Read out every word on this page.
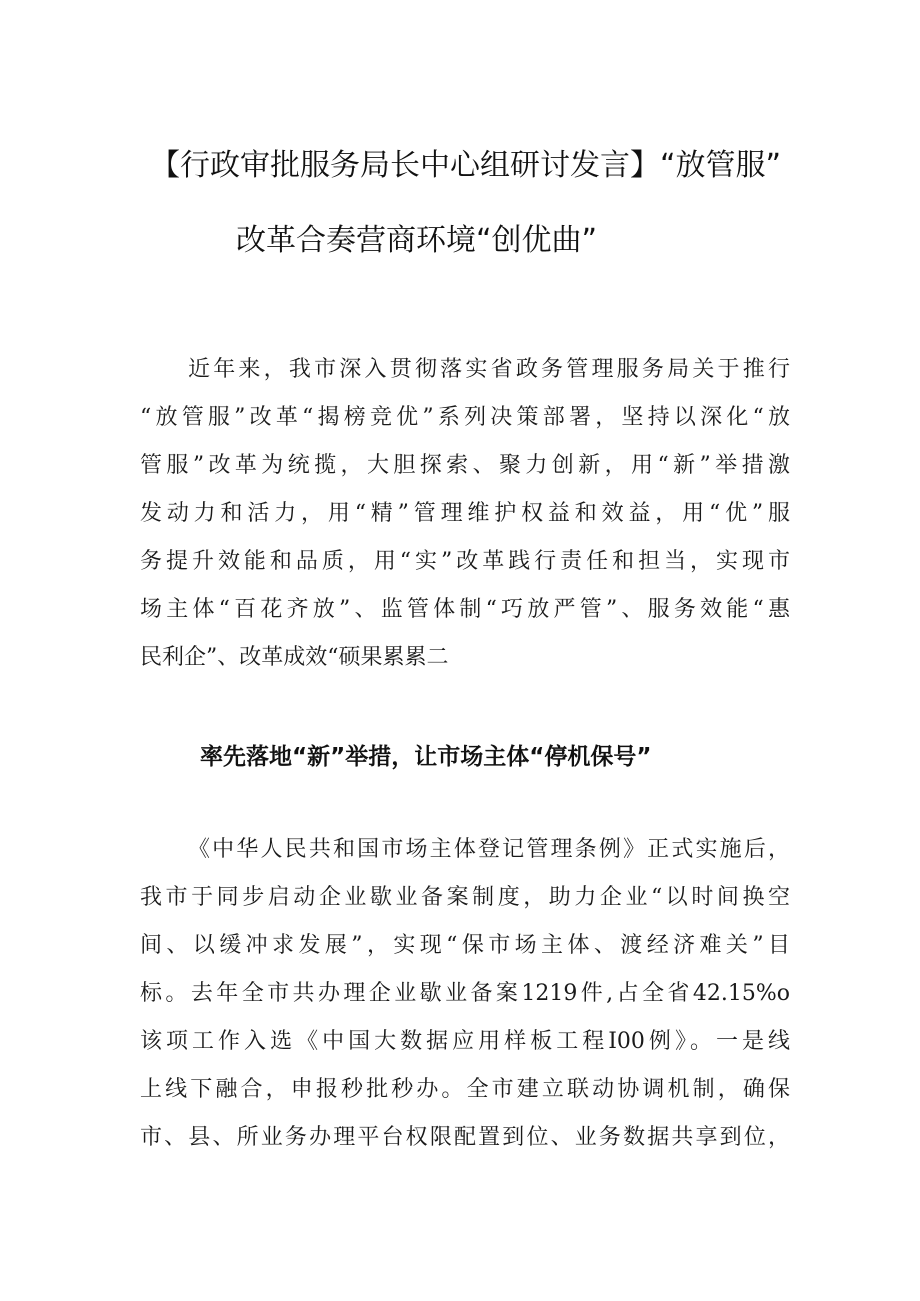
【行政审批服务局长中心组研讨发言】“放管服”
改革合奏营商环境“创优曲”
近年来，我市深入贯彻落实省政务管理服务局关于推行
“放管服”改革“揭榜竞优”系列决策部署，坚持以深化“放
管服”改革为统揽，大胆探索、聚力创新，用“新”举措激
发动力和活力，用“精”管理维护权益和效益，用“优”服
务提升效能和品质，用“实”改革践行责任和担当，实现市
场主体“百花齐放”、监管体制“巧放严管”、服务效能“惠
民利企”、改革成效“硕果累累二
率先落地“新”举措，让市场主体“停机保号”
《中华人民共和国市场主体登记管理条例》正式实施后，
我市于同步启动企业歇业备案制度，助力企业“以时间换空
间、以缓冲求发展”，实现“保市场主体、渡经济难关”目
标。去年全市共办理企业歇业备案1219件,占全省42.15%o
该项工作入选《中国大数据应用样板工程I00例》。一是线
上线下融合，申报秒批秒办。全市建立联动协调机制，确保
市、县、所业务办理平台权限配置到位、业务数据共享到位，
